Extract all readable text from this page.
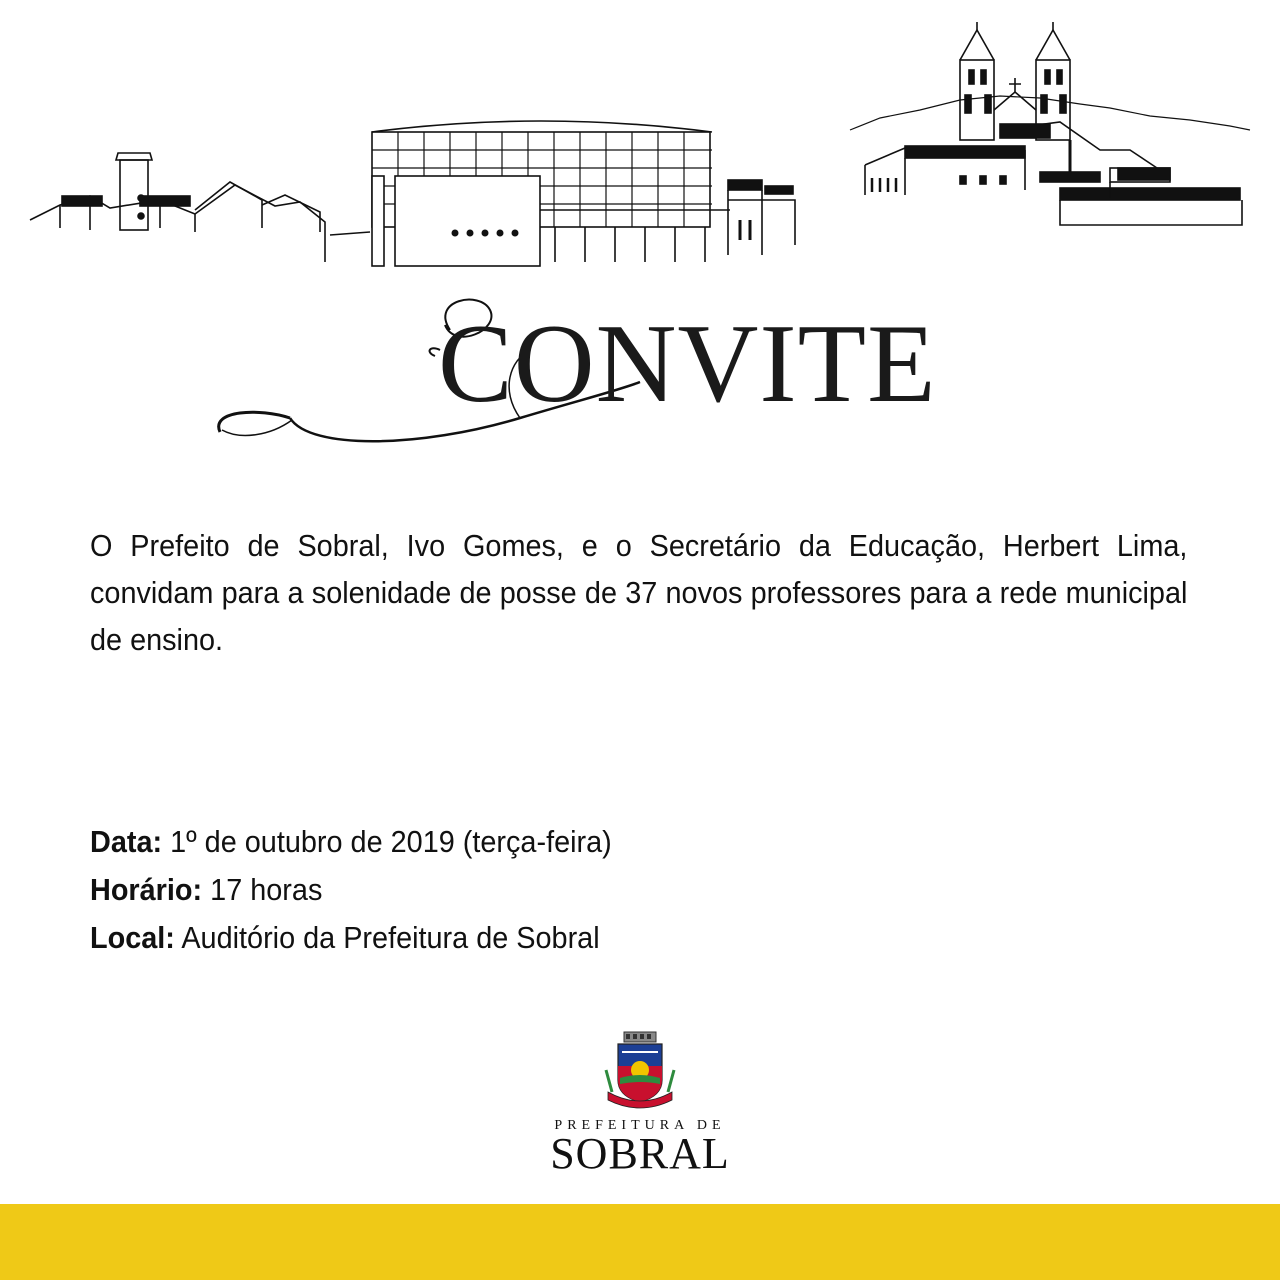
CONVITE
O Prefeito de Sobral, Ivo Gomes, e o Secretário da Educação, Herbert Lima, convidam para a solenidade de posse de 37 novos professores para a rede municipal de ensino.
Data: 1º de outubro de 2019 (terça-feira)
Horário: 17 horas
Local: Auditório da Prefeitura de Sobral
PREFEITURA DE
SOBRAL
